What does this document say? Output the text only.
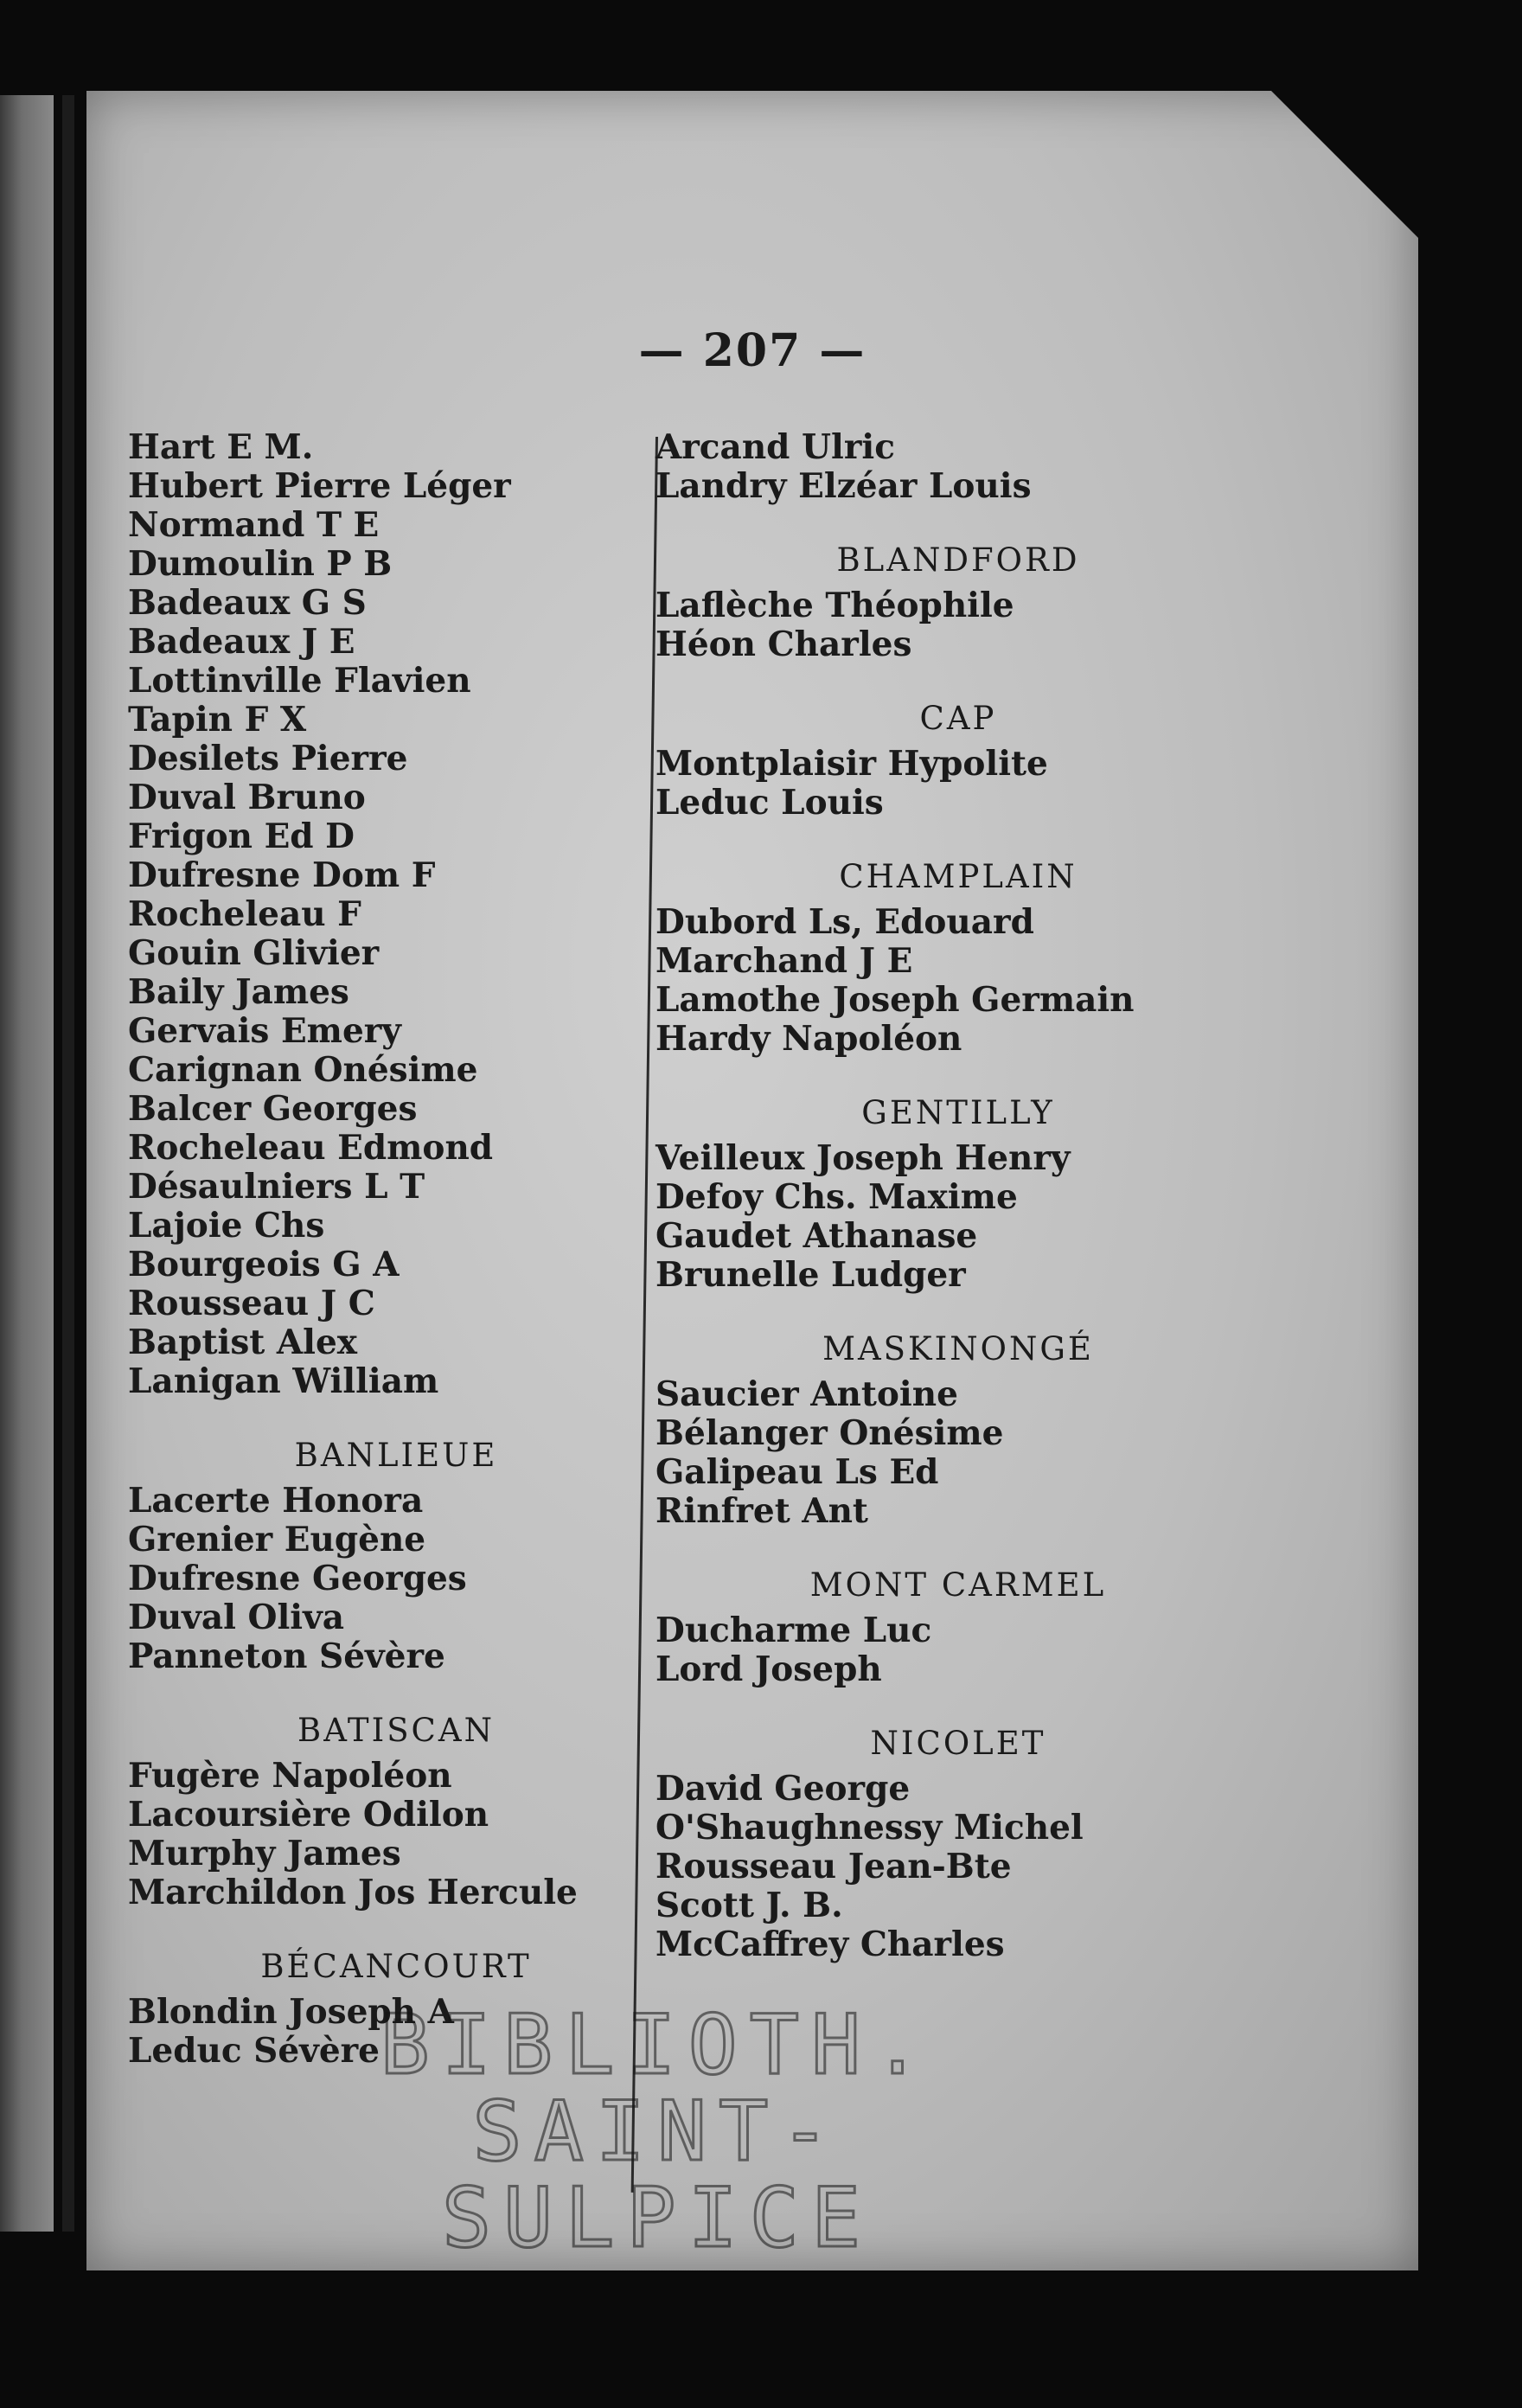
— 207 —
Hart E M.
Hubert Pierre Léger
Normand T E
Dumoulin P B
Badeaux G S
Badeaux J E
Lottinville Flavien
Tapin F X
Desilets Pierre
Duval Bruno
Frigon Ed D
Dufresne Dom F
Rocheleau F
Gouin Glivier
Baily James
Gervais Emery
Carignan Onésime
Balcer Georges
Rocheleau Edmond
Désaulniers L T
Lajoie Chs
Bourgeois G A
Rousseau J C
Baptist Alex
Lanigan William
BANLIEUE
Lacerte Honora
Grenier Eugène
Dufresne Georges
Duval Oliva
Panneton Sévère
BATISCAN
Fugère Napoléon
Lacoursière Odilon
Murphy James
Marchildon Jos Hercule
BÉCANCOURT
Blondin Joseph A
Leduc Sévère
Arcand Ulric
Landry Elzéar Louis
BLANDFORD
Laflèche Théophile
Héon Charles
CAP
Montplaisir Hypolite
Leduc Louis
CHAMPLAIN
Dubord Ls, Edouard
Marchand J E
Lamothe Joseph Germain
Hardy Napoléon
GENTILLY
Veilleux Joseph Henry
Defoy Chs. Maxime
Gaudet Athanase
Brunelle Ludger
MASKINONGÉ
Saucier Antoine
Bélanger Onésime
Galipeau Ls Ed
Rinfret Ant
MONT CARMEL
Ducharme Luc
Lord Joseph
NICOLET
David George
O'Shaughnessy Michel
Rousseau Jean-Bte
Scott J. B.
McCaffrey Charles
BIBLIOTH.
SAINT-SULPICE
